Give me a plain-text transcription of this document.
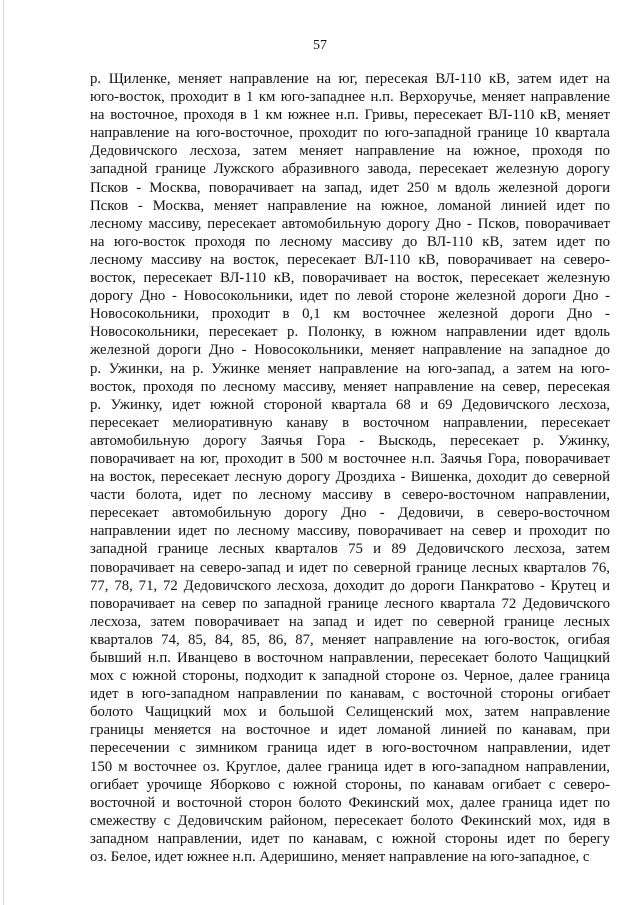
57
р. Щиленке, меняет направление на юг, пересекая ВЛ-110 кВ, затем идет на
юго-восток, проходит в 1 км юго-западнее н.п. Верхоручье, меняет направление
на восточное, проходя в 1 км южнее н.п. Гривы, пересекает ВЛ-110 кВ, меняет
направление на юго-восточное, проходит по юго-западной границе 10 квартала
Дедовичского лесхоза, затем меняет направление на южное, проходя по
западной границе Лужского абразивного завода, пересекает железную дорогу
Псков - Москва, поворачивает на запад, идет 250 м вдоль железной дороги
Псков - Москва, меняет направление на южное, ломаной линией идет по
лесному массиву, пересекает автомобильную дорогу Дно - Псков, поворачивает
на юго-восток проходя по лесному массиву до ВЛ-110 кВ, затем идет по
лесному массиву на восток, пересекает ВЛ-110 кВ, поворачивает на северо-
восток, пересекает ВЛ-110 кВ, поворачивает на восток, пересекает железную
дорогу Дно - Новосокольники, идет по левой стороне железной дороги Дно -
Новосокольники, проходит в 0,1 км восточнее железной дороги Дно -
Новосокольники, пересекает р. Полонку, в южном направлении идет вдоль
железной дороги Дно - Новосокольники, меняет направление на западное до
р. Ужинки, на р. Ужинке меняет направление на юго-запад, а затем на юго-
восток, проходя по лесному массиву, меняет направление на север, пересекая
р. Ужинку, идет южной стороной квартала 68 и 69 Дедовичского лесхоза,
пересекает мелиоративную канаву в восточном направлении, пересекает
автомобильную дорогу Заячья Гора - Выскодь, пересекает р. Ужинку,
поворачивает на юг, проходит в 500 м восточнее н.п. Заячья Гора, поворачивает
на восток, пересекает лесную дорогу Дроздиха - Вишенка, доходит до северной
части болота, идет по лесному массиву в северо-восточном направлении,
пересекает автомобильную дорогу Дно - Дедовичи, в северо-восточном
направлении идет по лесному массиву, поворачивает на север и проходит по
западной границе лесных кварталов 75 и 89 Дедовичского лесхоза, затем
поворачивает на северо-запад и идет по северной границе лесных кварталов 76,
77, 78, 71, 72 Дедовичского лесхоза, доходит до дороги Панкратово - Крутец и
поворачивает на север по западной границе лесного квартала 72 Дедовичского
лесхоза, затем поворачивает на запад и идет по северной границе лесных
кварталов 74, 85, 84, 85, 86, 87, меняет направление на юго-восток, огибая
бывший н.п. Иванцево в восточном направлении, пересекает болото Чащицкий
мох с южной стороны, подходит к западной стороне оз. Черное, далее граница
идет в юго-западном направлении по канавам, с восточной стороны огибает
болото Чащицкий мох и большой Селищенский мох, затем направление
границы меняется на восточное и идет ломаной линией по канавам, при
пересечении с зимником граница идет в юго-восточном направлении, идет
150 м восточнее оз. Круглое, далее граница идет в юго-западном направлении,
огибает урочище Яборково с южной стороны, по канавам огибает с северо-
восточной и восточной сторон болото Фекинский мох, далее граница идет по
смежеству с Дедовичским районом, пересекает болото Фекинский мох, идя в
западном направлении, идет по канавам, с южной стороны идет по берегу
оз. Белое, идет южнее н.п. Адеришино, меняет направление на юго-западное, с
